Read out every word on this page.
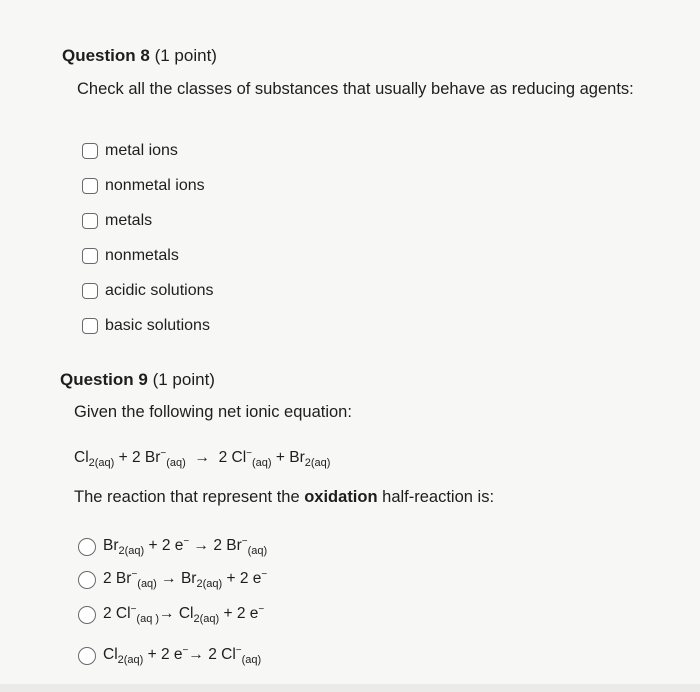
Question 8 (1 point)
Check all the classes of substances that usually behave as reducing agents:
metal ions
nonmetal ions
metals
nonmetals
acidic solutions
basic solutions
Question 9 (1 point)
Given the following net ionic equation:
$Cl_{2(aq)} + 2$ $Br^-_{(aq)} \to 2$ $Cl^-_{(aq)} + Br_{2(aq)}$
The reaction that represent the oxidation half-reaction is:
$Br_{2(aq)} + 2$ e− → 2 $Br^-_{(aq)}$
2 $Br^-_{(aq)} \to Br_{2(aq)} + 2$ e−
2 $Cl^-_{(aq )}\to Cl_{2(aq)} + 2$ e−
$Cl_{2(aq)} + 2$ e−→ 2 $Cl^-_{(aq)}$
